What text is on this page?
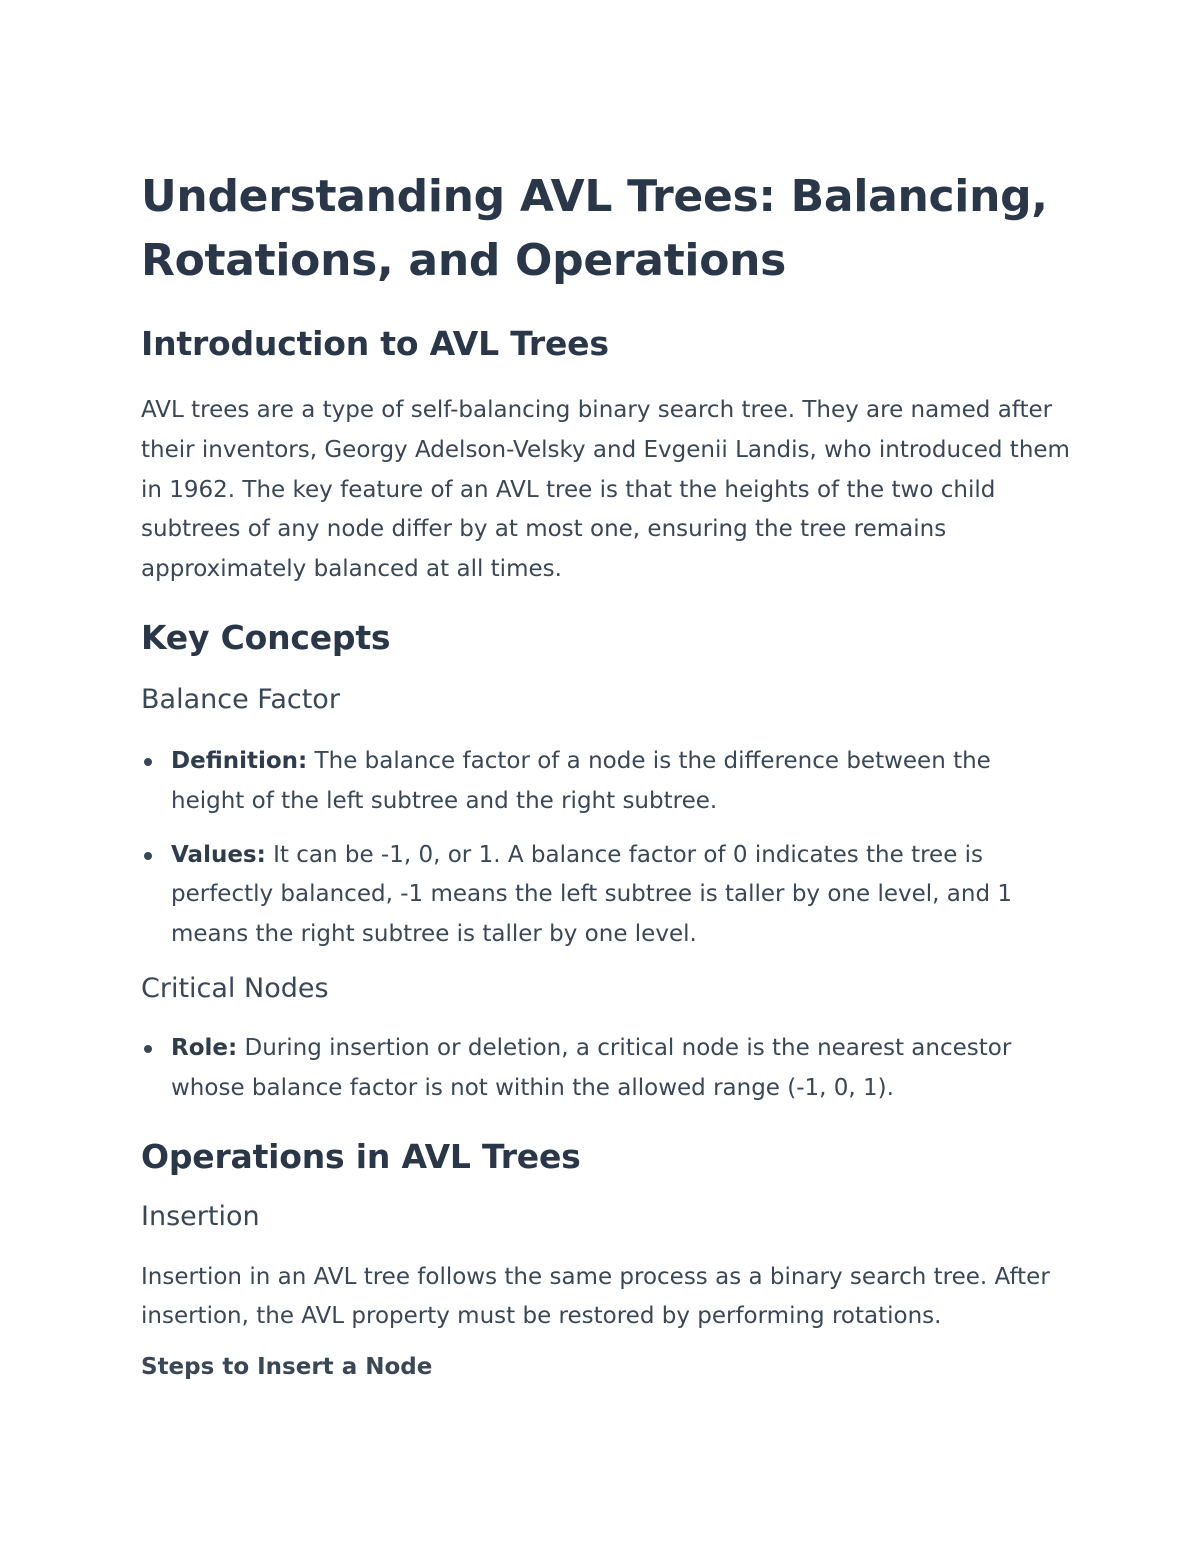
Understanding AVL Trees: Balancing, Rotations, and Operations
Introduction to AVL Trees

AVL trees are a type of self-balancing binary search tree. They are named after their inventors, Georgy Adelson-Velsky and Evgenii Landis, who introduced them in 1962. The key feature of an AVL tree is that the heights of the two child subtrees of any node differ by at most one, ensuring the tree remains approximately balanced at all times.

Key Concepts
Balance Factor
Definition: The balance factor of a node is the difference between the height of the left subtree and the right subtree.
Values: It can be -1, 0, or 1. A balance factor of 0 indicates the tree is perfectly balanced, -1 means the left subtree is taller by one level, and 1 means the right subtree is taller by one level.
Critical Nodes
Role: During insertion or deletion, a critical node is the nearest ancestor whose balance factor is not within the allowed range (-1, 0, 1).
Operations in AVL Trees
Insertion

Insertion in an AVL tree follows the same process as a binary search tree. After insertion, the AVL property must be restored by performing rotations.

Steps to Insert a Node
